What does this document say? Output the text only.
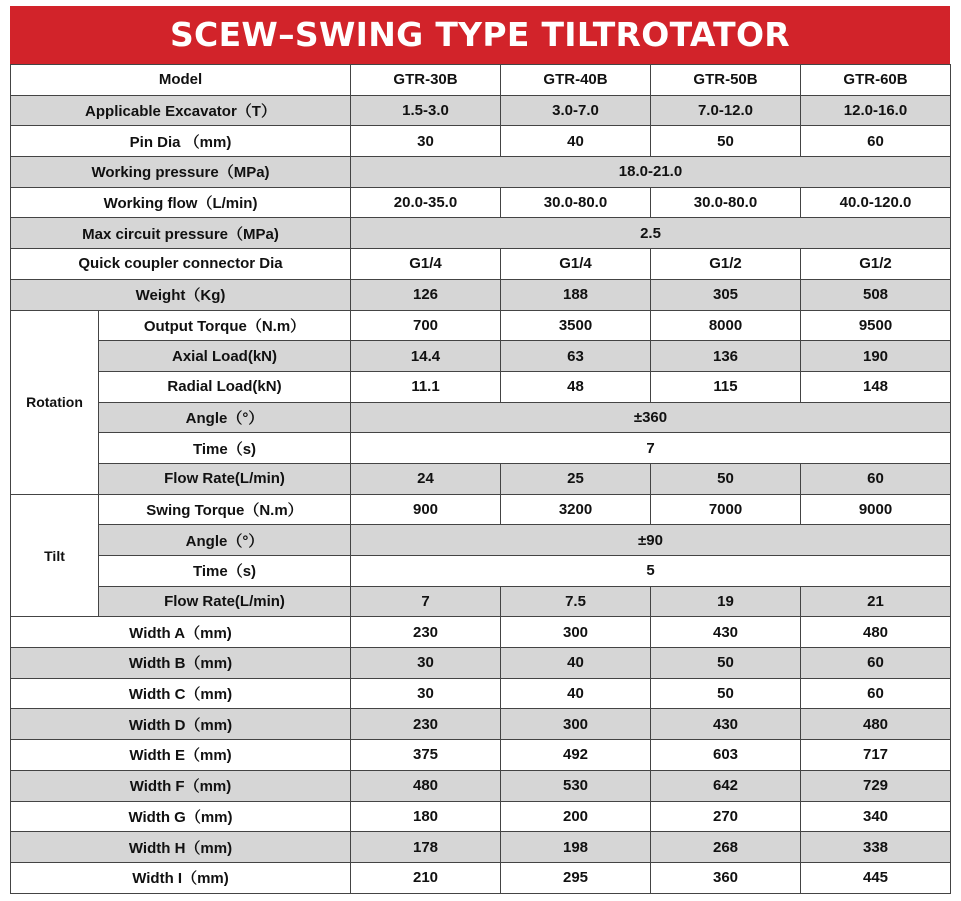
SCEW–SWING TYPE TILTROTATOR
Model		GTR-30B	GTR-40B	GTR-50B	GTR-60B
Applicable Excavator（T）		1.5-3.0	3.0-7.0	7.0-12.0	12.0-16.0
Pin Dia （mm)		30	40	50	60
Working pressure（MPa)		18.0-21.0			
Working flow（L/min)		20.0-35.0	30.0-80.0	30.0-80.0	40.0-120.0
Max circuit pressure（MPa)		2.5			
Quick coupler connector Dia		G1/4	G1/4	G1/2	G1/2
Weight（Kg)		126	188	305	508
Rotation	Output Torque（N.m）	700	3500	8000	9500
	Axial Load(kN)	14.4	63	136	190
	Radial Load(kN)	11.1	48	115	148
	Angle（°）	±360			
	Time（s)	7			
	Flow Rate(L/min)	24	25	50	60
Tilt	Swing Torque（N.m）	900	3200	7000	9000
	Angle（°）	±90			
	Time（s)	5			
	Flow Rate(L/min)	7	7.5	19	21
Width A（mm)		230	300	430	480
Width B（mm)		30	40	50	60
Width C（mm)		30	40	50	60
Width D（mm)		230	300	430	480
Width E（mm)		375	492	603	717
Width F（mm)		480	530	642	729
Width G（mm)		180	200	270	340
Width H（mm)		178	198	268	338
Width I（mm)		210	295	360	445
